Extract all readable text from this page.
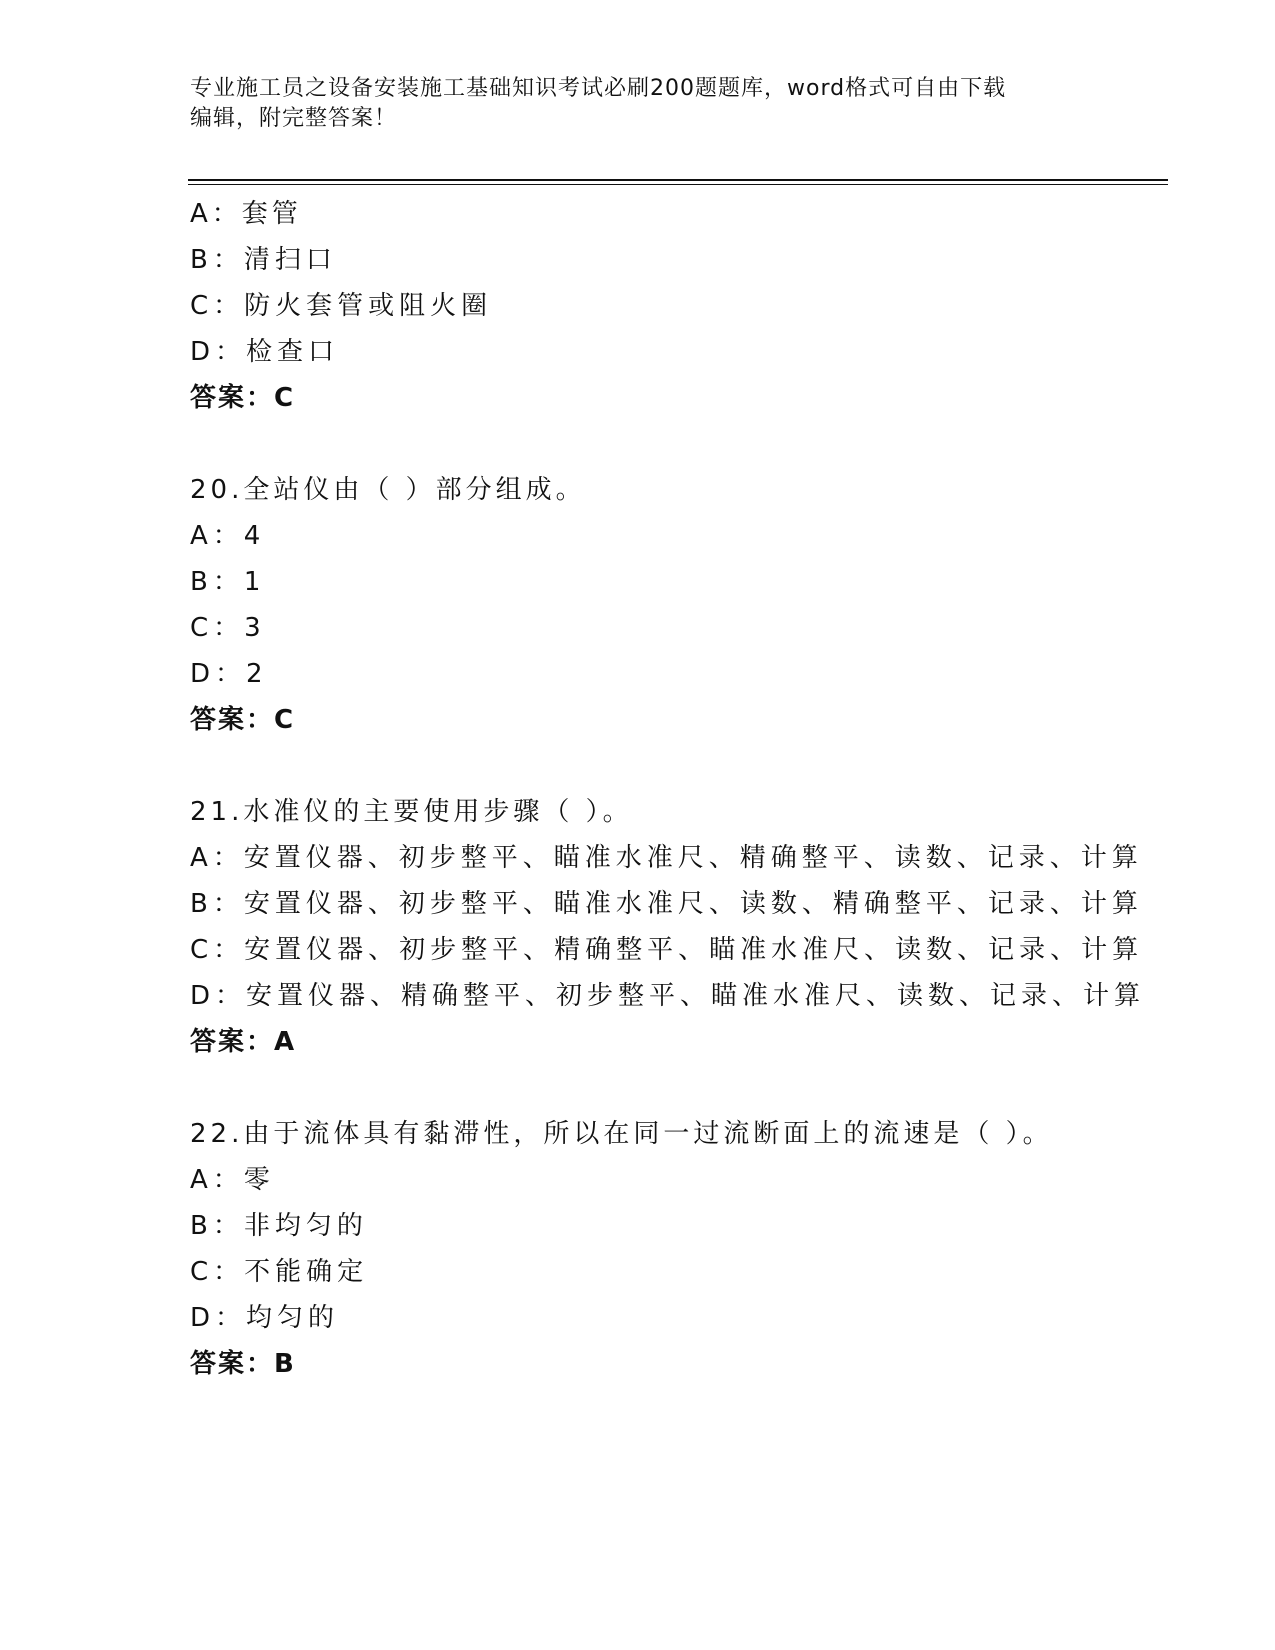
专业施工员之设备安装施工基础知识考试必刷200题题库，word格式可自由下载
编辑，附完整答案！
A：套管
B：清扫口
C：防火套管或阻火圈
D：检查口
答案：C
20.全站仪由（ ）部分组成。
A：4
B：1
C：3
D：2
答案：C
21.水准仪的主要使用步骤（ ）。
A：安置仪器、初步整平、瞄准水准尺、精确整平、读数、记录、计算
B：安置仪器、初步整平、瞄准水准尺、读数、精确整平、记录、计算
C：安置仪器、初步整平、精确整平、瞄准水准尺、读数、记录、计算
D：安置仪器、精确整平、初步整平、瞄准水准尺、读数、记录、计算
答案：A
22.由于流体具有黏滞性，所以在同一过流断面上的流速是（ ）。
A：零
B：非均匀的
C：不能确定
D：均匀的
答案：B
